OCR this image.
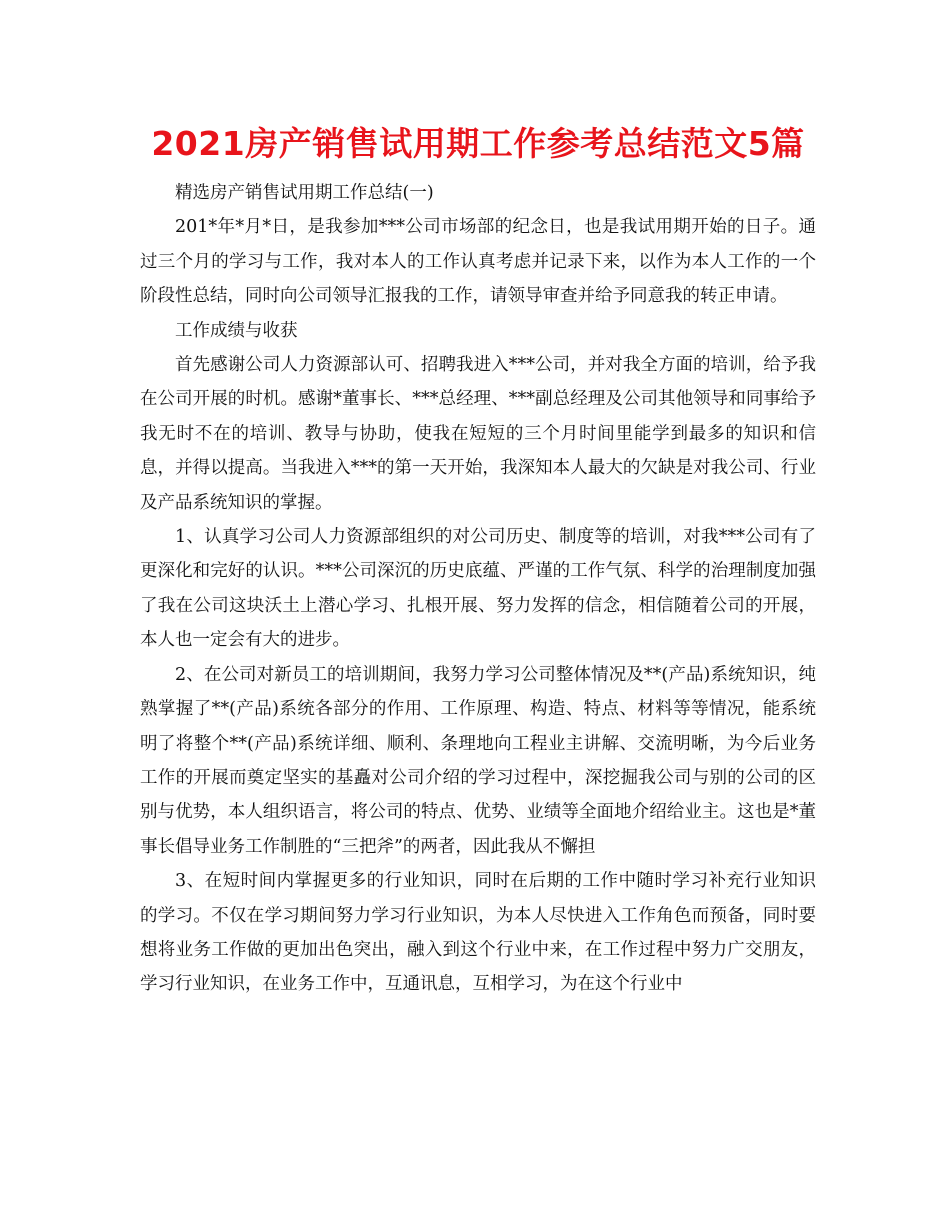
2021房产销售试用期工作参考总结范文5篇

精选房产销售试用期工作总结(一)

201*年*月*日，是我参加***公司市场部的纪念日，也是我试用期开始的日子。通过三个月的学习与工作，我对本人的工作认真考虑并记录下来，以作为本人工作的一个阶段性总结，同时向公司领导汇报我的工作，请领导审查并给予同意我的转正申请。

工作成绩与收获

首先感谢公司人力资源部认可、招聘我进入***公司，并对我全方面的培训，给予我在公司开展的时机。感谢*董事长、***总经理、***副总经理及公司其他领导和同事给予我无时不在的培训、教导与协助，使我在短短的三个月时间里能学到最多的知识和信息，并得以提高。当我进入***的第一天开始，我深知本人最大的欠缺是对我公司、行业及产品系统知识的掌握。

1、认真学习公司人力资源部组织的对公司历史、制度等的培训，对我***公司有了更深化和完好的认识。***公司深沉的历史底蕴、严谨的工作气氛、科学的治理制度加强了我在公司这块沃土上潜心学习、扎根开展、努力发挥的信念，相信随着公司的开展，本人也一定会有大的进步。

2、在公司对新员工的培训期间，我努力学习公司整体情况及**(产品)系统知识，纯熟掌握了**(产品)系统各部分的作用、工作原理、构造、特点、材料等等情况，能系统明了将整个**(产品)系统详细、顺利、条理地向工程业主讲解、交流明晰，为今后业务工作的开展而奠定坚实的基矗对公司介绍的学习过程中，深挖掘我公司与别的公司的区别与优势，本人组织语言，将公司的特点、优势、业绩等全面地介绍给业主。这也是*董事长倡导业务工作制胜的“三把斧”的两者，因此我从不懈担

3、在短时间内掌握更多的行业知识，同时在后期的工作中随时学习补充行业知识的学习。不仅在学习期间努力学习行业知识，为本人尽快进入工作角色而预备，同时要想将业务工作做的更加出色突出，融入到这个行业中来，在工作过程中努力广交朋友，学习行业知识，在业务工作中，互通讯息，互相学习，为在这个行业中
